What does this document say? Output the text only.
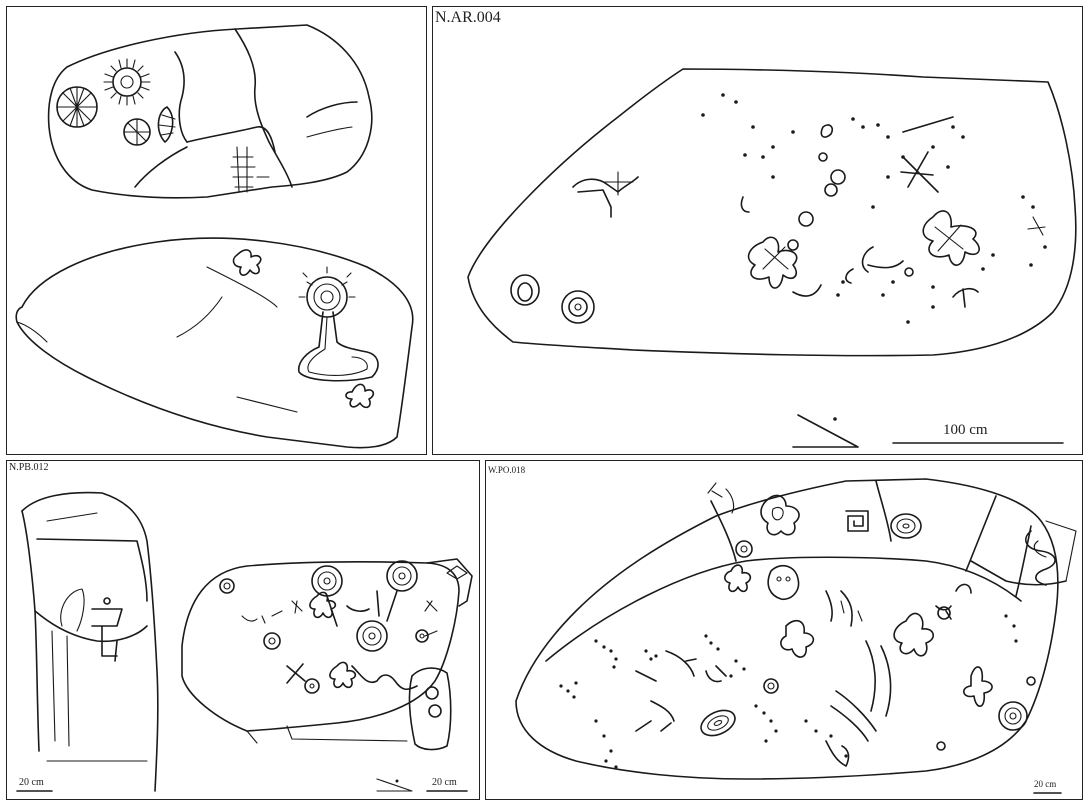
N.AR.004
100 cm
N.PB.012
20 cm	20 cm
W.PO.018
20 cm
